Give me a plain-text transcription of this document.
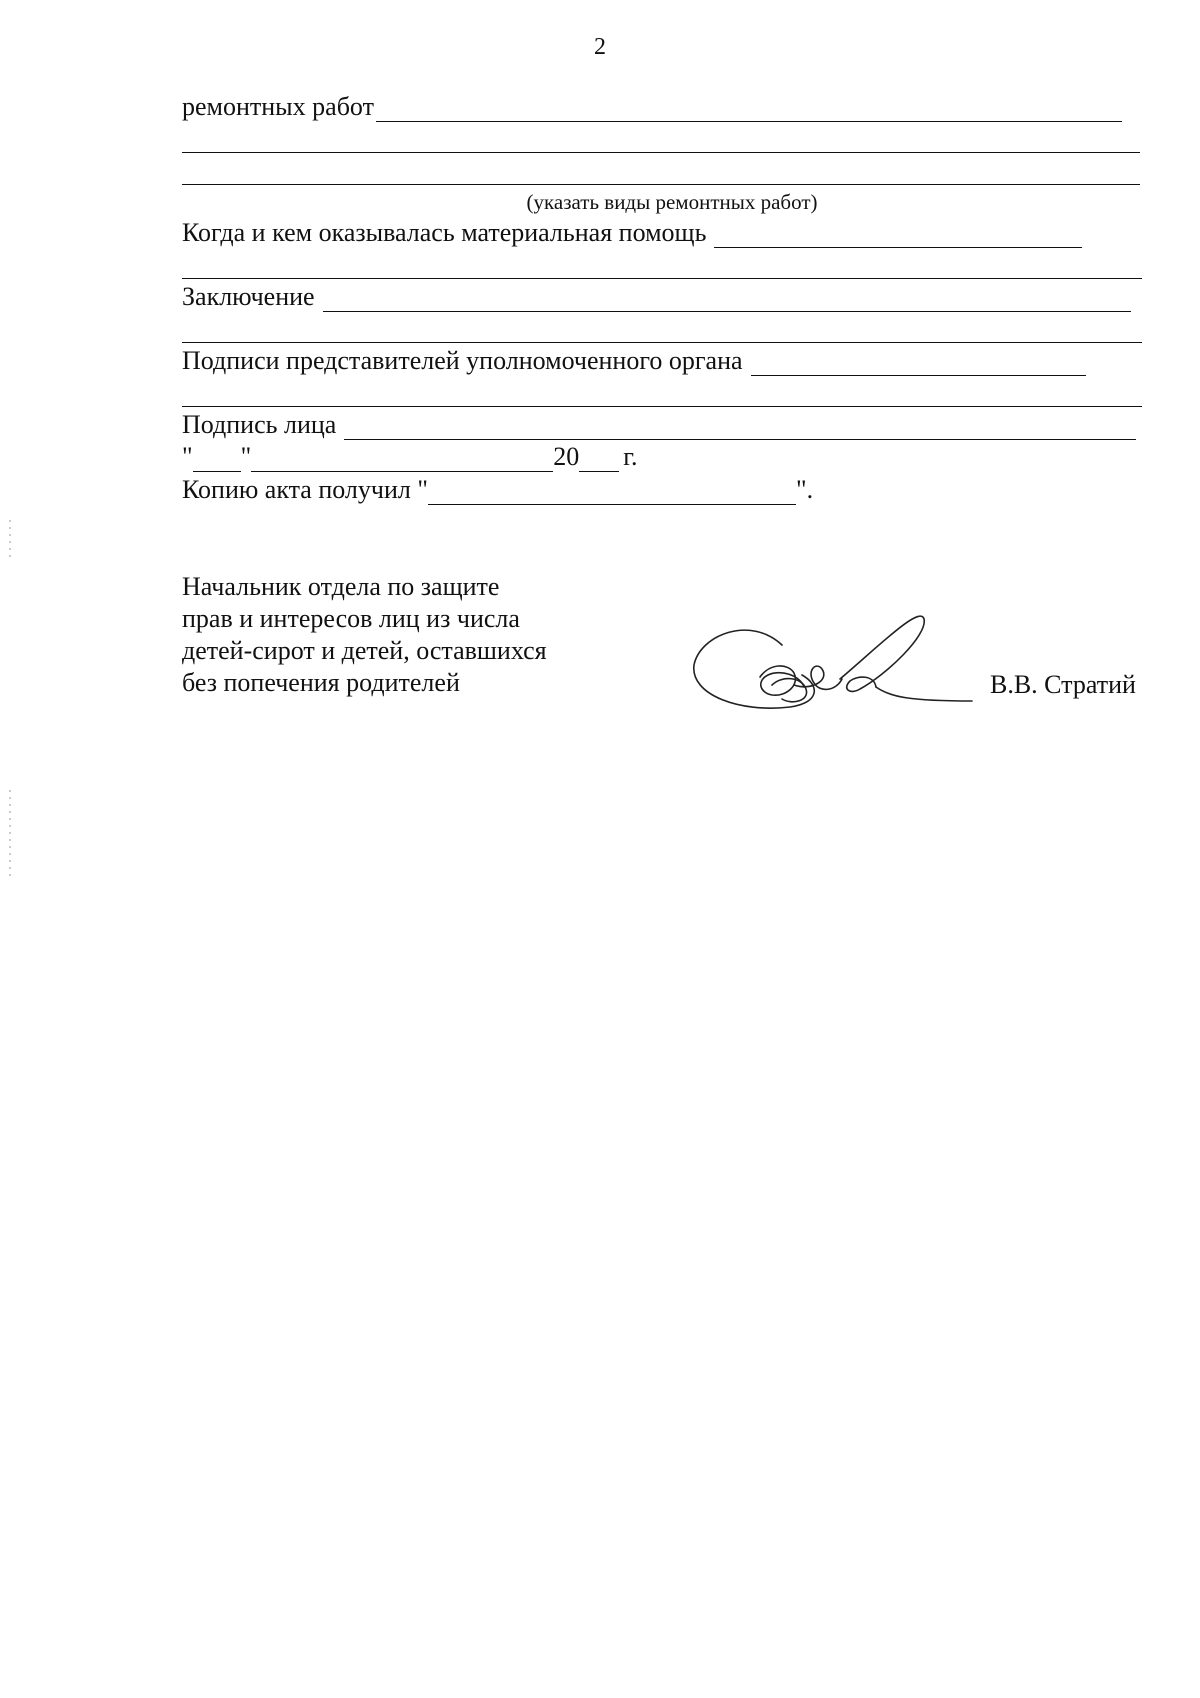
2
ремонтных работ
(указать виды ремонтных работ)
Когда и кем оказывалась материальная помощь
Заключение
Подписи представителей уполномоченного органа
Подпись лица
" "	20 г.
Копию акта получил "	".
Начальник отдела по защите
прав и интересов лиц из числа
детей-сирот и детей, оставшихся
без попечения родителей	В.В. Стратий
